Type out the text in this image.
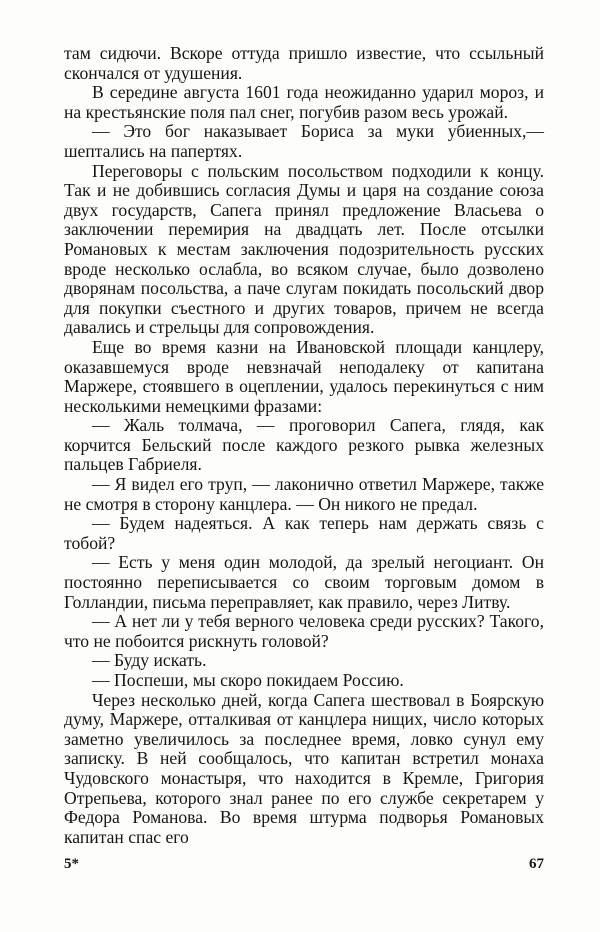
там сидючи. Вскоре оттуда пришло известие, что ссыльный скончался от удушения.

В середине августа 1601 года неожиданно ударил мороз, и на крестьянские поля пал снег, погубив разом весь урожай.

— Это бог наказывает Бориса за муки убиенных,— шептались на папертях.

Переговоры с польским посольством подходили к концу. Так и не добившись согласия Думы и царя на создание союза двух государств, Сапега принял предложение Власьева о заключении перемирия на двадцать лет. После отсылки Романовых к местам заключения подозрительность русских вроде несколько ослабла, во всяком случае, было дозволено дворянам посольства, а паче слугам покидать посольский двор для покупки съестного и других товаров, причем не всегда давались и стрельцы для сопровождения.

Еще во время казни на Ивановской площади канцлеру, оказавшемуся вроде невзначай неподалеку от капитана Маржере, стоявшего в оцеплении, удалось перекинуться с ним несколькими немецкими фразами:

— Жаль толмача, — проговорил Сапега, глядя, как корчится Бельский после каждого резкого рывка железных пальцев Габриеля.

— Я видел его труп, — лаконично ответил Маржере, также не смотря в сторону канцлера. — Он никого не предал.

— Будем надеяться. А как теперь нам держать связь с тобой?

— Есть у меня один молодой, да зрелый негоциант. Он постоянно переписывается со своим торговым домом в Голландии, письма переправляет, как правило, через Литву.

— А нет ли у тебя верного человека среди русских? Такого, что не побоится рискнуть головой?

— Буду искать.

— Поспеши, мы скоро покидаем Россию.

Через несколько дней, когда Сапега шествовал в Боярскую думу, Маржере, отталкивая от канцлера нищих, число которых заметно увеличилось за последнее время, ловко сунул ему записку. В ней сообщалось, что капитан встретил монаха Чудовского монастыря, что находится в Кремле, Григория Отрепьева, которого знал ранее по его службе секретарем у Федора Романова. Во время штурма подворья Романовых капитан спас его

5*	67
